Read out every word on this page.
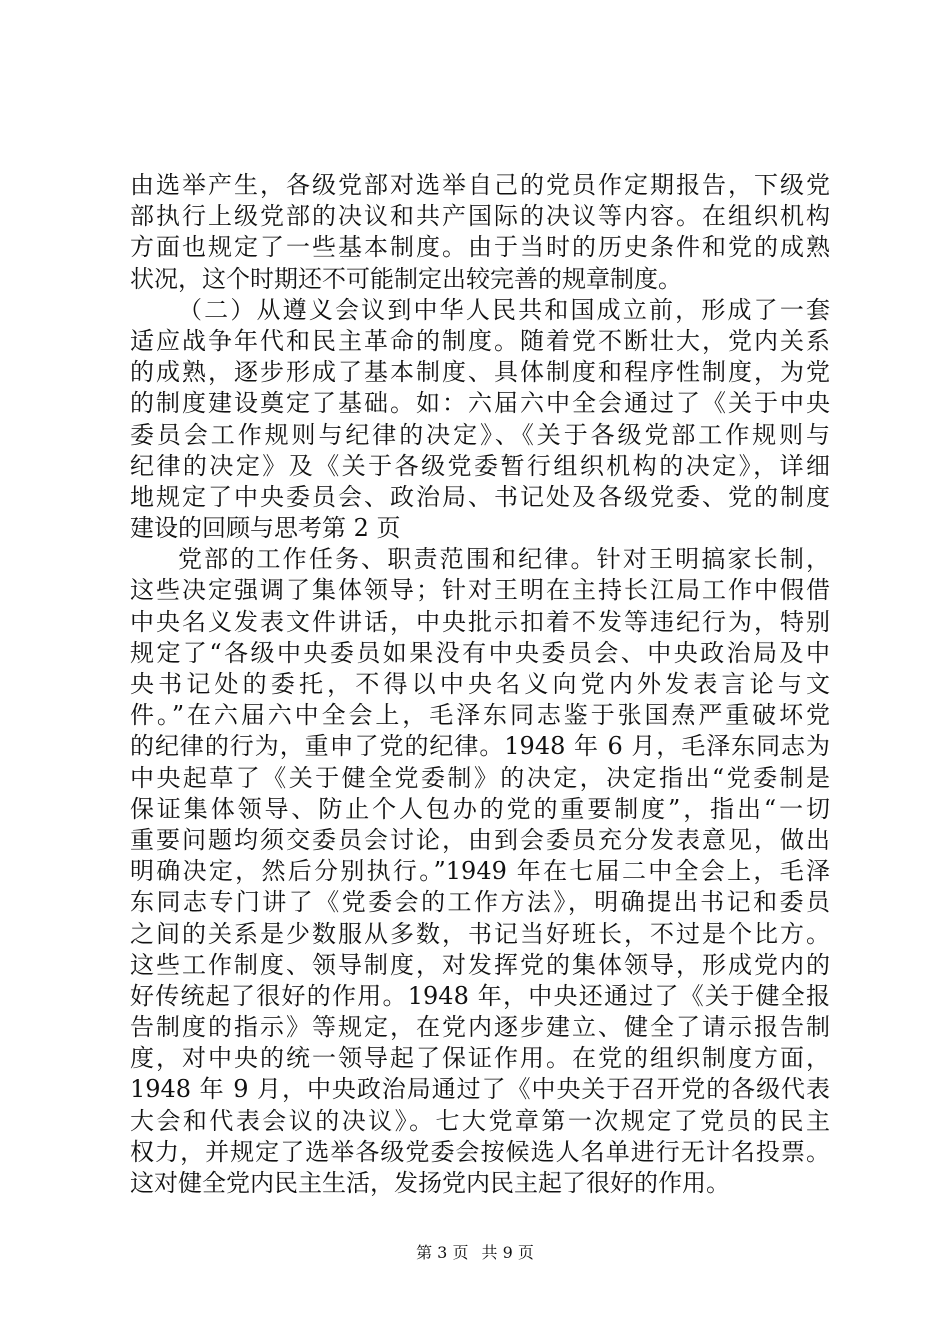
由选举产生，各级党部对选举自己的党员作定期报告，下级党
部执行上级党部的决议和共产国际的决议等内容。在组织机构
方面也规定了一些基本制度。由于当时的历史条件和党的成熟
状况，这个时期还不可能制定出较完善的规章制度。
（二）从遵义会议到中华人民共和国成立前，形成了一套
适应战争年代和民主革命的制度。随着党不断壮大，党内关系
的成熟，逐步形成了基本制度、具体制度和程序性制度，为党
的制度建设奠定了基础。如：六届六中全会通过了《关于中央
委员会工作规则与纪律的决定》、《关于各级党部工作规则与
纪律的决定》及《关于各级党委暂行组织机构的决定》，详细
地规定了中央委员会、政治局、书记处及各级党委、党的制度
建设的回顾与思考第 2 页
党部的工作任务、职责范围和纪律。针对王明搞家长制，
这些决定强调了集体领导；针对王明在主持长江局工作中假借
中央名义发表文件讲话，中央批示扣着不发等违纪行为，特别
规定了“各级中央委员如果没有中央委员会、中央政治局及中
央书记处的委托，不得以中央名义向党内外发表言论与文
件。”在六届六中全会上，毛泽东同志鉴于张国焘严重破坏党
的纪律的行为，重申了党的纪律。1948 年 6 月，毛泽东同志为
中央起草了《关于健全党委制》的决定，决定指出“党委制是
保证集体领导、防止个人包办的党的重要制度”，指出“一切
重要问题均须交委员会讨论，由到会委员充分发表意见，做出
明确决定，然后分别执行。”1949 年在七届二中全会上，毛泽
东同志专门讲了《党委会的工作方法》，明确提出书记和委员
之间的关系是少数服从多数，书记当好班长，不过是个比方。
这些工作制度、领导制度，对发挥党的集体领导，形成党内的
好传统起了很好的作用。1948 年，中央还通过了《关于健全报
告制度的指示》等规定，在党内逐步建立、健全了请示报告制
度，对中央的统一领导起了保证作用。在党的组织制度方面，
1948 年 9 月，中央政治局通过了《中央关于召开党的各级代表
大会和代表会议的决议》。七大党章第一次规定了党员的民主
权力，并规定了选举各级党委会按候选人名单进行无计名投票。
这对健全党内民主生活，发扬党内民主起了很好的作用。
第 3 页 共 9 页
